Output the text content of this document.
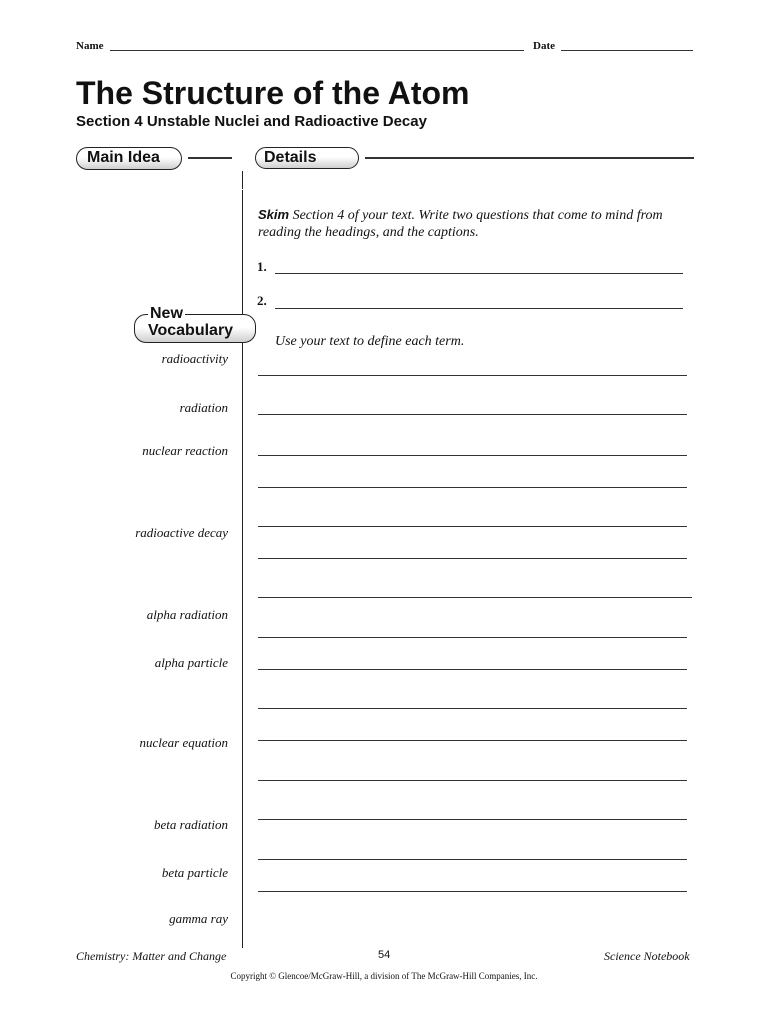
Name	Date
The Structure of the Atom
Section 4 Unstable Nuclei and Radioactive Decay
Main Idea	Details
Skim Section 4 of your text. Write two questions that come to mind from reading the headings, and the captions.
1.
2.
New
Vocabulary
Use your text to define each term.
radioactivity
radiation
nuclear reaction
radioactive decay
alpha radiation
alpha particle
nuclear equation
beta radiation
beta particle
gamma ray
Chemistry: Matter and Change	54	Science Notebook
Copyright © Glencoe/McGraw-Hill, a division of The McGraw-Hill Companies, Inc.
